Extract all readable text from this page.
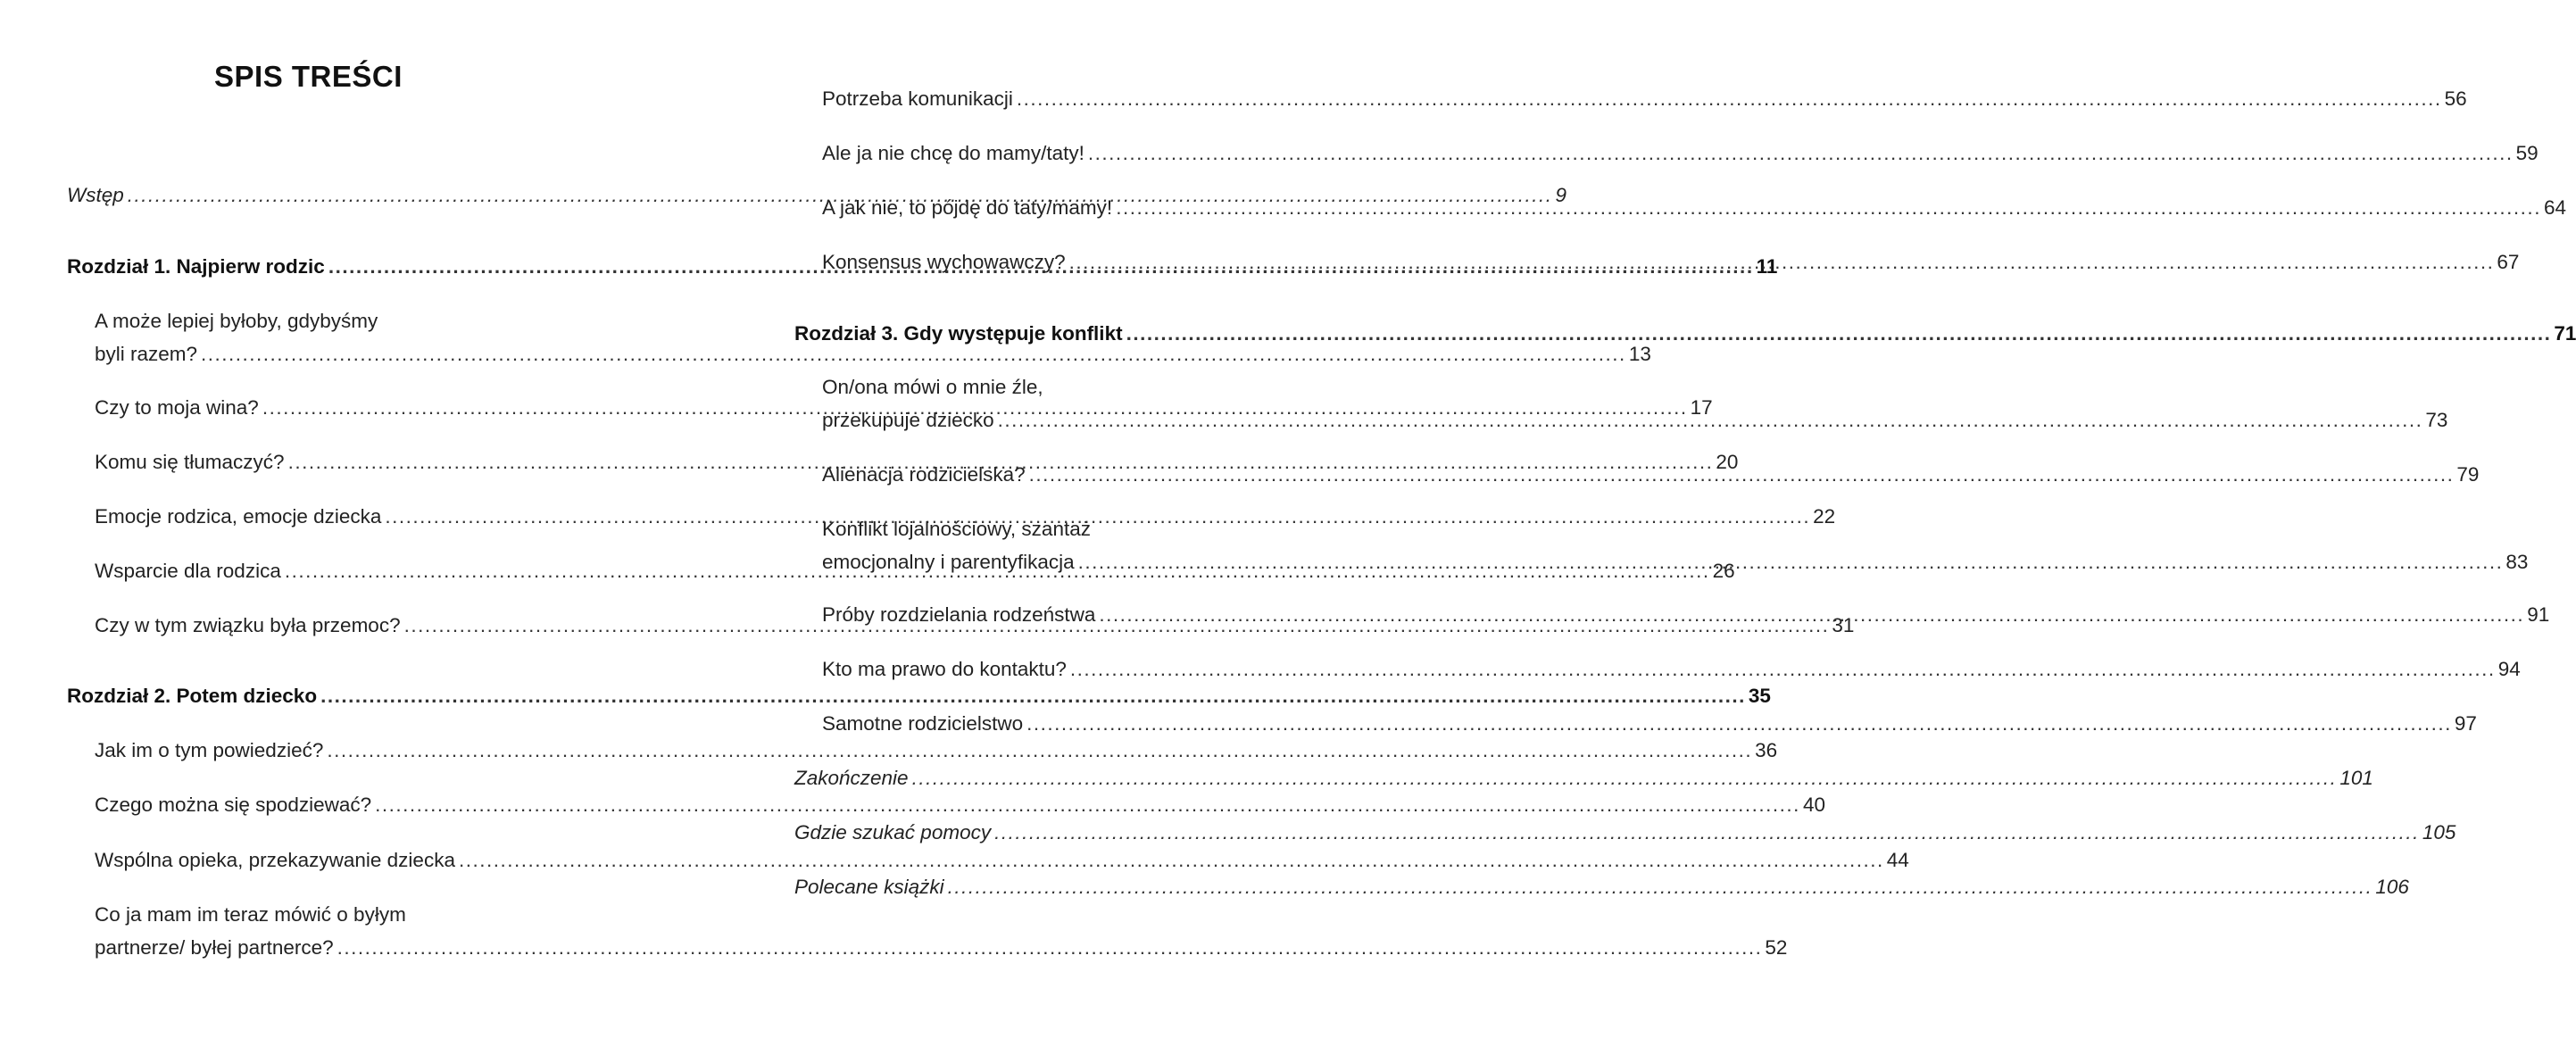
SPIS TREŚCI
Wstęp .....	9
Rozdział 1. Najpierw rodzic .....	11
A może lepiej byłoby, gdybyśmy
byli razem? .....	13
Czy to moja wina? .....	17
Komu się tłumaczyć? .....	20
Emocje rodzica, emocje dziecka .....	22
Wsparcie dla rodzica .....	26
Czy w tym związku była przemoc? .....	31
Rozdział 2. Potem dziecko .....	35
Jak im o tym powiedzieć? .....	36
Czego można się spodziewać? .....	40
Wspólna opieka, przekazywanie dziecka .....	44
Co ja mam im teraz mówić o byłym
partnerze/ byłej partnerce? .....	52
Potrzeba komunikacji .....	56
Ale ja nie chcę do mamy/taty! .....	59
A jak nie, to pójdę do taty/mamy! .....	64
Konsensus wychowawczy? .....	67
Rozdział 3. Gdy występuje konflikt .....	71
On/ona mówi o mnie źle,
przekupuje dziecko .....	73
Alienacja rodzicielska? .....	79
Konflikt lojalnościowy, szantaż
emocjonalny i parentyfikacja .....	83
Próby rozdzielania rodzeństwa .....	91
Kto ma prawo do kontaktu? .....	94
Samotne rodzicielstwo .....	97
Zakończenie .....	101
Gdzie szukać pomocy .....	105
Polecane książki .....	106
